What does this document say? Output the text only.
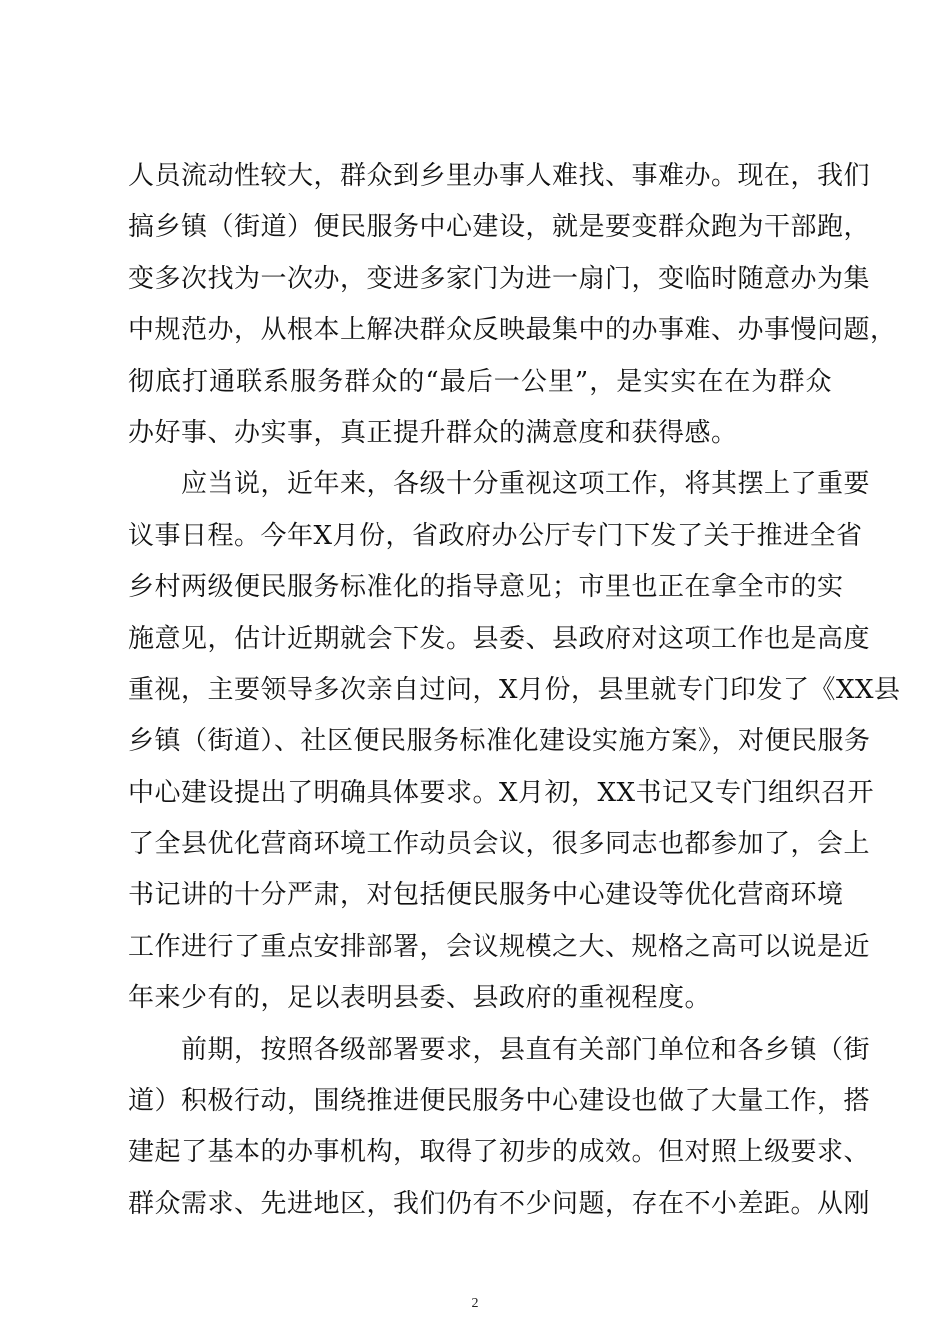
人员流动性较大，群众到乡里办事人难找、事难办。现在，我们
搞乡镇（街道）便民服务中心建设，就是要变群众跑为干部跑，
变多次找为一次办，变进多家门为进一扇门，变临时随意办为集
中规范办，从根本上解决群众反映最集中的办事难、办事慢问题，
彻底打通联系服务群众的“最后一公里”，是实实在在为群众
办好事、办实事，真正提升群众的满意度和获得感。
　　应当说，近年来，各级十分重视这项工作，将其摆上了重要
议事日程。今年X月份，省政府办公厅专门下发了关于推进全省
乡村两级便民服务标准化的指导意见；市里也正在拿全市的实
施意见，估计近期就会下发。县委、县政府对这项工作也是高度
重视，主要领导多次亲自过问，X月份，县里就专门印发了《XX县
乡镇（街道）、社区便民服务标准化建设实施方案》，对便民服务
中心建设提出了明确具体要求。X月初，XX书记又专门组织召开
了全县优化营商环境工作动员会议，很多同志也都参加了，会上
书记讲的十分严肃，对包括便民服务中心建设等优化营商环境
工作进行了重点安排部署，会议规模之大、规格之高可以说是近
年来少有的，足以表明县委、县政府的重视程度。
　　前期，按照各级部署要求，县直有关部门单位和各乡镇（街
道）积极行动，围绕推进便民服务中心建设也做了大量工作，搭
建起了基本的办事机构，取得了初步的成效。但对照上级要求、
群众需求、先进地区，我们仍有不少问题，存在不小差距。从刚
2
